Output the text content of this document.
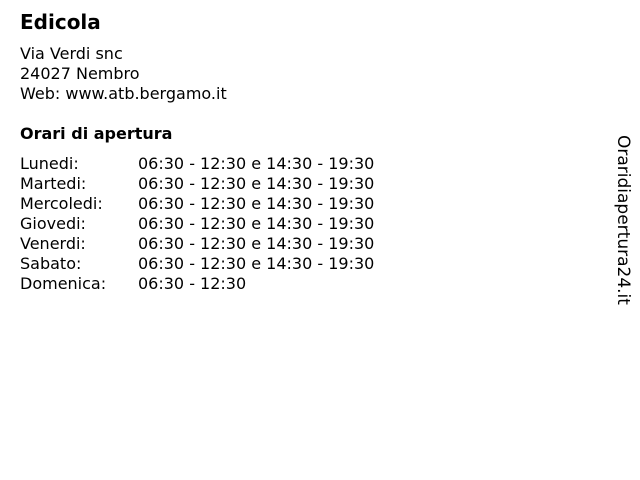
Edicola
Via Verdi snc
24027 Nembro
Web: www.atb.bergamo.it
Orari di apertura
Lunedi:	06:30 - 12:30 e 14:30 - 19:30
Martedi:	06:30 - 12:30 e 14:30 - 19:30
Mercoledi:	06:30 - 12:30 e 14:30 - 19:30
Giovedi:	06:30 - 12:30 e 14:30 - 19:30
Venerdi:	06:30 - 12:30 e 14:30 - 19:30
Sabato:	06:30 - 12:30 e 14:30 - 19:30
Domenica:	06:30 - 12:30	Oraridiapertura24.it
